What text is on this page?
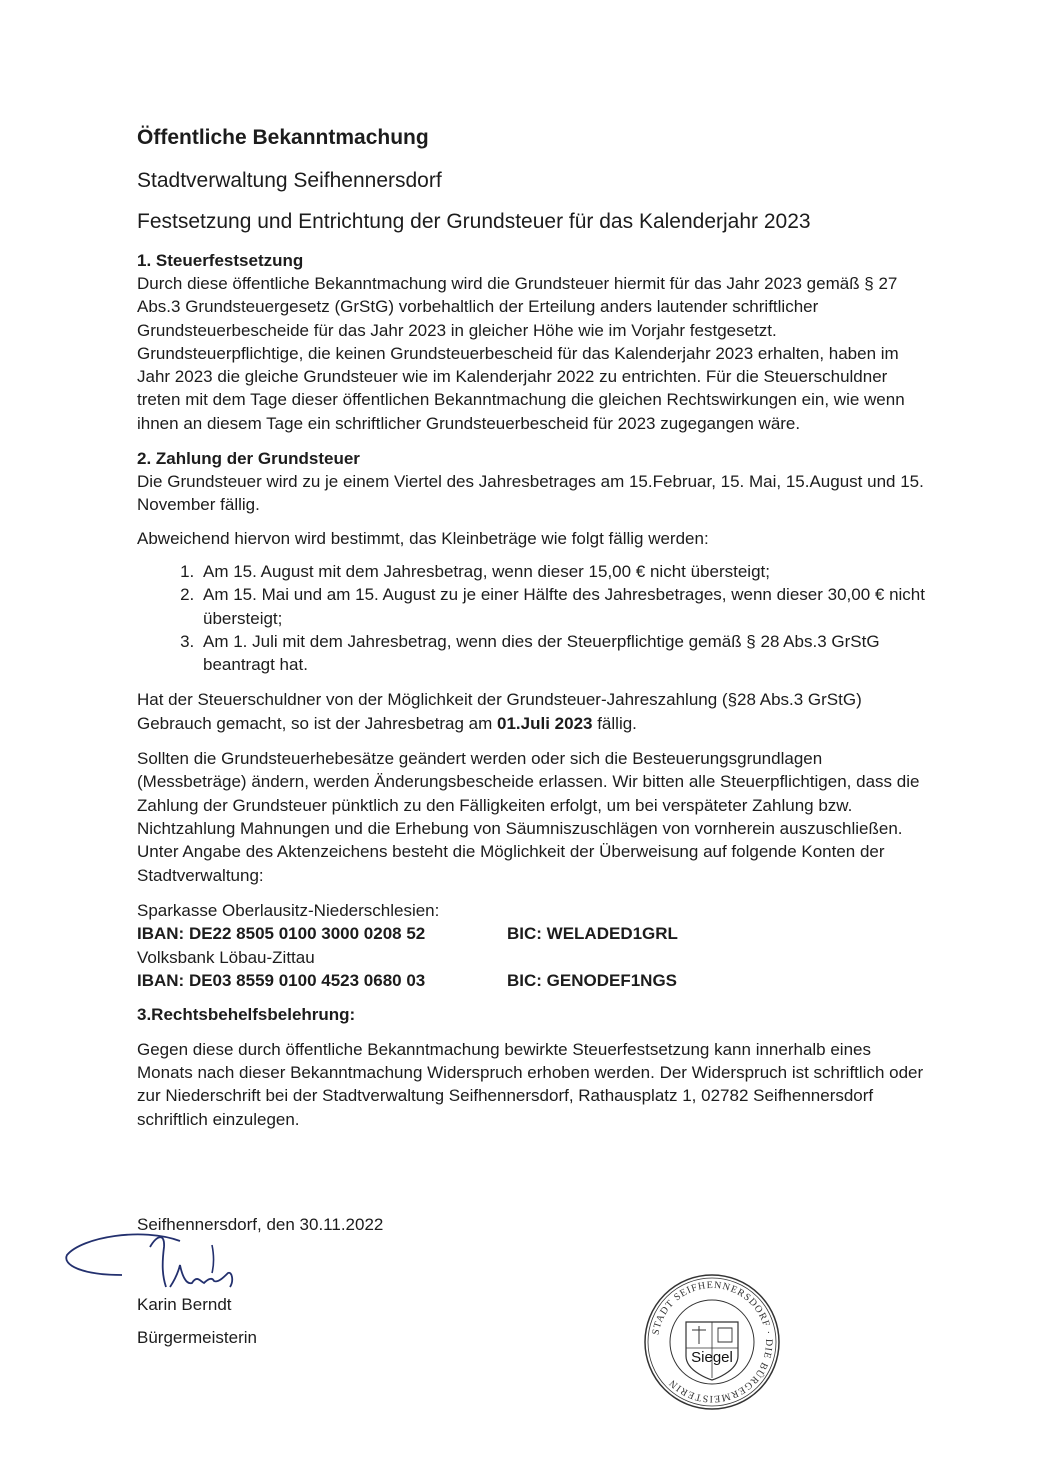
Öffentliche Bekanntmachung

Stadtverwaltung Seifhennersdorf

Festsetzung und Entrichtung der Grundsteuer für das Kalenderjahr 2023

1. Steuerfestsetzung

Durch diese öffentliche Bekanntmachung wird die Grundsteuer hiermit für das Jahr 2023 gemäß § 27 Abs.3 Grundsteuergesetz (GrStG) vorbehaltlich der Erteilung anders lautender schriftlicher Grundsteuerbescheide für das Jahr 2023 in gleicher Höhe wie im Vorjahr festgesetzt. Grundsteuerpflichtige, die keinen Grundsteuerbescheid für das Kalenderjahr 2023 erhalten, haben im Jahr 2023 die gleiche Grundsteuer wie im Kalenderjahr 2022 zu entrichten. Für die Steuerschuldner treten mit dem Tage dieser öffentlichen Bekanntmachung die gleichen Rechtswirkungen ein, wie wenn ihnen an diesem Tage ein schriftlicher Grundsteuerbescheid für 2023 zugegangen wäre.

2. Zahlung der Grundsteuer

Die Grundsteuer wird zu je einem Viertel des Jahresbetrages am 15.Februar, 15. Mai, 15.August und 15. November fällig.

Abweichend hiervon wird bestimmt, das Kleinbeträge wie folgt fällig werden:

1. Am 15. August mit dem Jahresbetrag, wenn dieser 15,00 € nicht übersteigt;
2. Am 15. Mai und am 15. August zu je einer Hälfte des Jahresbetrages, wenn dieser 30,00 € nicht übersteigt;
3. Am 1. Juli mit dem Jahresbetrag, wenn dies der Steuerpflichtige gemäß § 28 Abs.3 GrStG beantragt hat.

Hat der Steuerschuldner von der Möglichkeit der Grundsteuer-Jahreszahlung (§28 Abs.3 GrStG) Gebrauch gemacht, so ist der Jahresbetrag am 01.Juli 2023 fällig.

Sollten die Grundsteuerhebesätze geändert werden oder sich die Besteuerungsgrundlagen (Messbeträge) ändern, werden Änderungsbescheide erlassen. Wir bitten alle Steuerpflichtigen, dass die Zahlung der Grundsteuer pünktlich zu den Fälligkeiten erfolgt, um bei verspäteter Zahlung bzw. Nichtzahlung Mahnungen und die Erhebung von Säumniszuschlägen von vornherein auszuschließen. Unter Angabe des Aktenzeichens besteht die Möglichkeit der Überweisung auf folgende Konten der Stadtverwaltung:

Sparkasse Oberlausitz-Niederschlesien:
IBAN: DE22 8505 0100 3000 0208 52	BIC: WELADED1GRL
Volksbank Löbau-Zittau
IBAN: DE03 8559 0100 4523 0680 03	BIC: GENODEF1NGS

3.Rechtsbehelfsbelehrung:

Gegen diese durch öffentliche Bekanntmachung bewirkte Steuerfestsetzung kann innerhalb eines Monats nach dieser Bekanntmachung Widerspruch erhoben werden. Der Widerspruch ist schriftlich oder zur Niederschrift bei der Stadtverwaltung Seifhennersdorf, Rathausplatz 1, 02782 Seifhennersdorf schriftlich einzulegen.

Seifhennersdorf, den 30.11.2022
Karin Berndt
Bürgermeisterin	STADT SEIFHENNERSDORF · DIE BÜRGERMEISTERIN
Siegel
